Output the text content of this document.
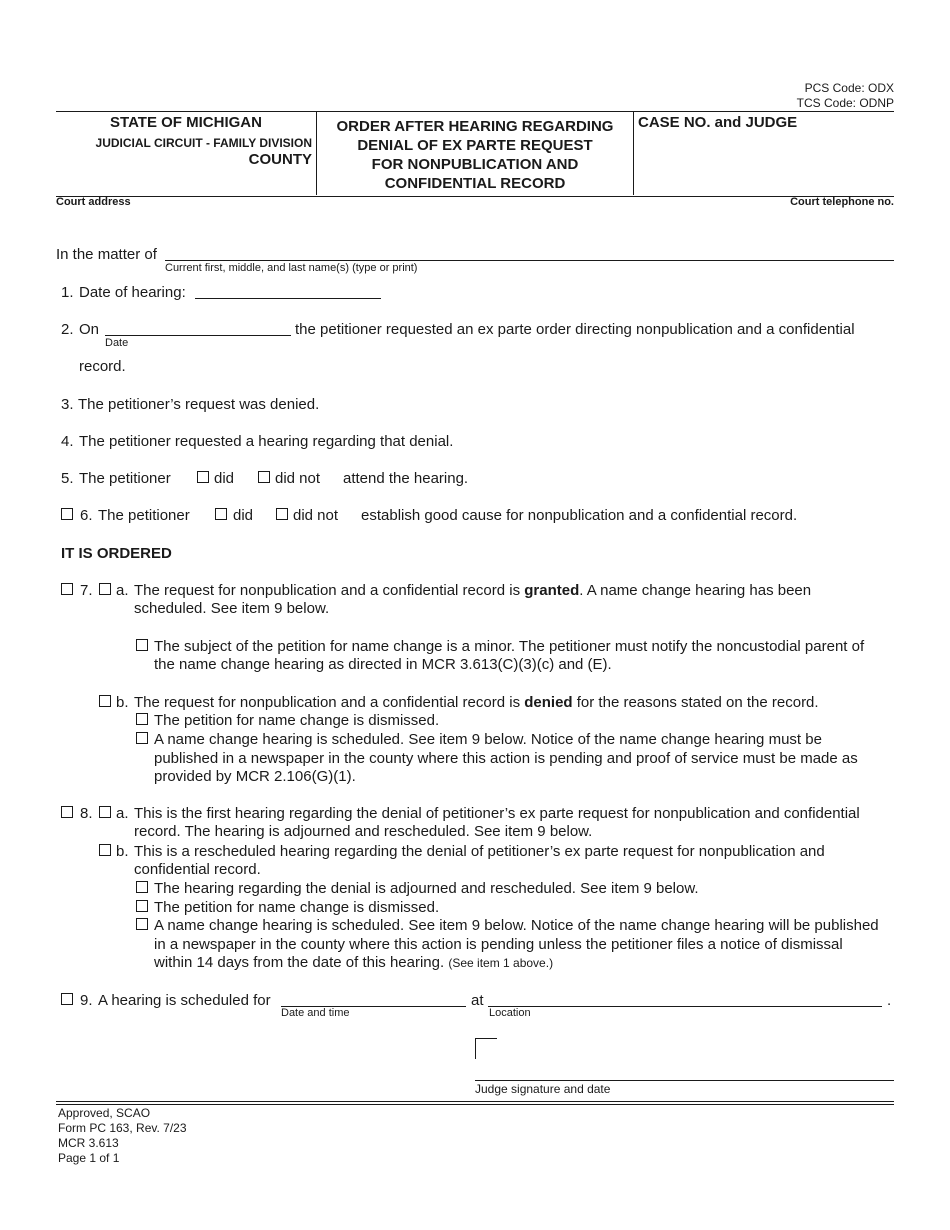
PCS Code: ODX
TCS Code: ODNP
STATE OF MICHIGAN
JUDICIAL CIRCUIT - FAMILY DIVISION
COUNTY
ORDER AFTER HEARING REGARDING
DENIAL OF EX PARTE REQUEST
FOR NONPUBLICATION AND
CONFIDENTIAL RECORD
CASE NO. and JUDGE
Court address	Court telephone no.
In the matter of
Current first, middle, and last name(s) (type or print)
1. Date of hearing:
2. On
Date
the petitioner requested an ex parte order directing nonpublication and a confidential
record.
3. The petitioner’s request was denied.
4. The petitioner requested a hearing regarding that denial.
5. The petitioner	did	did not attend the hearing.
6. The petitioner	did	did not establish good cause for nonpublication and a confidential record.
IT IS ORDERED
7. a. The request for nonpublication and a confidential record is granted. A name change hearing has been
scheduled. See item 9 below.
The subject of the petition for name change is a minor. The petitioner must notify the noncustodial parent of
the name change hearing as directed in MCR 3.613(C)(3)(c) and (E).
b. The request for nonpublication and a confidential record is denied for the reasons stated on the record.
The petition for name change is dismissed.
A name change hearing is scheduled. See item 9 below. Notice of the name change hearing must be
published in a newspaper in the county where this action is pending and proof of service must be made as
provided by MCR 2.106(G)(1).
8. a. This is the first hearing regarding the denial of petitioner’s ex parte request for nonpublication and confidential
record. The hearing is adjourned and rescheduled. See item 9 below.
b. This is a rescheduled hearing regarding the denial of petitioner’s ex parte request for nonpublication and
confidential record.
The hearing regarding the denial is adjourned and rescheduled. See item 9 below.
The petition for name change is dismissed.
A name change hearing is scheduled. See item 9 below. Notice of the name change hearing will be published
in a newspaper in the county where this action is pending unless the petitioner files a notice of dismissal
within 14 days from the date of this hearing. (See item 1 above.)
9. A hearing is scheduled for
Date and time
at
Location
.
Judge signature and date
Approved, SCAO
Form PC 163, Rev. 7/23
MCR 3.613
Page 1 of 1
